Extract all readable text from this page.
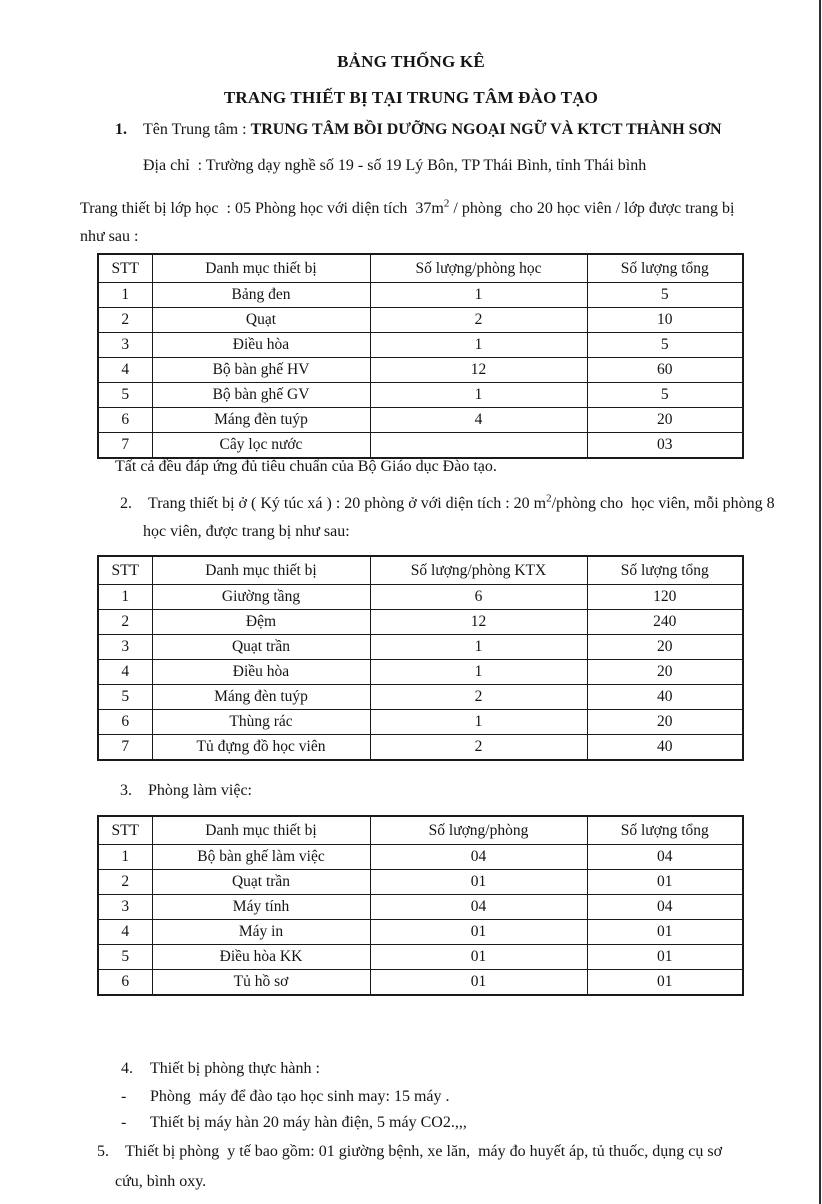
BẢNG THỐNG KÊ
TRANG THIẾT BỊ TẠI TRUNG TÂM ĐÀO TẠO
1. Tên Trung tâm : TRUNG TÂM BỒI DƯỠNG NGOẠI NGỮ VÀ KTCT THÀNH SƠN
Địa chỉ  : Trường dạy nghề số 19 - số 19 Lý Bôn, TP Thái Bình, tỉnh Thái bình
Trang thiết bị lớp học  : 05 Phòng học với diện tích  $37m^2$ / phòng  cho 20 học viên / lớp được trang bị như sau :
STT	Danh mục thiết bị	Số lượng/phòng học	Số lượng tổng
1	Bảng đen	1	5
2	Quạt	2	10
3	Điều hòa	1	5
4	Bộ bàn ghế HV	12	60
5	Bộ bàn ghế GV	1	5
6	Máng đèn tuýp	4	20
7	Cây lọc nước		03
Tất cả đều đáp ứng đủ tiêu chuẩn của Bộ Giáo dục Đào tạo.
2. Trang thiết bị ở ( Ký túc xá ) : 20 phòng ở với diện tích : 20 $m^2$/phòng cho  học viên, mỗi phòng 8 học viên, được trang bị như sau:
STT	Danh mục thiết bị	Số lượng/phòng KTX	Số lượng tổng
1	Giường tầng	6	120
2	Đệm	12	240
3	Quạt trần	1	20
4	Điều hòa	1	20
5	Máng đèn tuýp	2	40
6	Thùng rác	1	20
7	Tủ đựng đồ học viên	2	40
3. Phòng làm việc:
STT	Danh mục thiết bị	Số lượng/phòng	Số lượng tổng
1	Bộ bàn ghế làm việc	04	04
2	Quạt trần	01	01
3	Máy tính	04	04
4	Máy in	01	01
5	Điều hòa KK	01	01
6	Tủ hồ sơ	01	01
4. Thiết bị phòng thực hành :
- Phòng  máy để đào tạo học sinh may: 15 máy .
- Thiết bị máy hàn 20 máy hàn điện, 5 máy CO2.,,,
5. Thiết bị phòng  y tế bao gồm: 01 giường bệnh, xe lăn,  máy đo huyết áp, tủ thuốc, dụng cụ sơ cứu, bình oxy.
